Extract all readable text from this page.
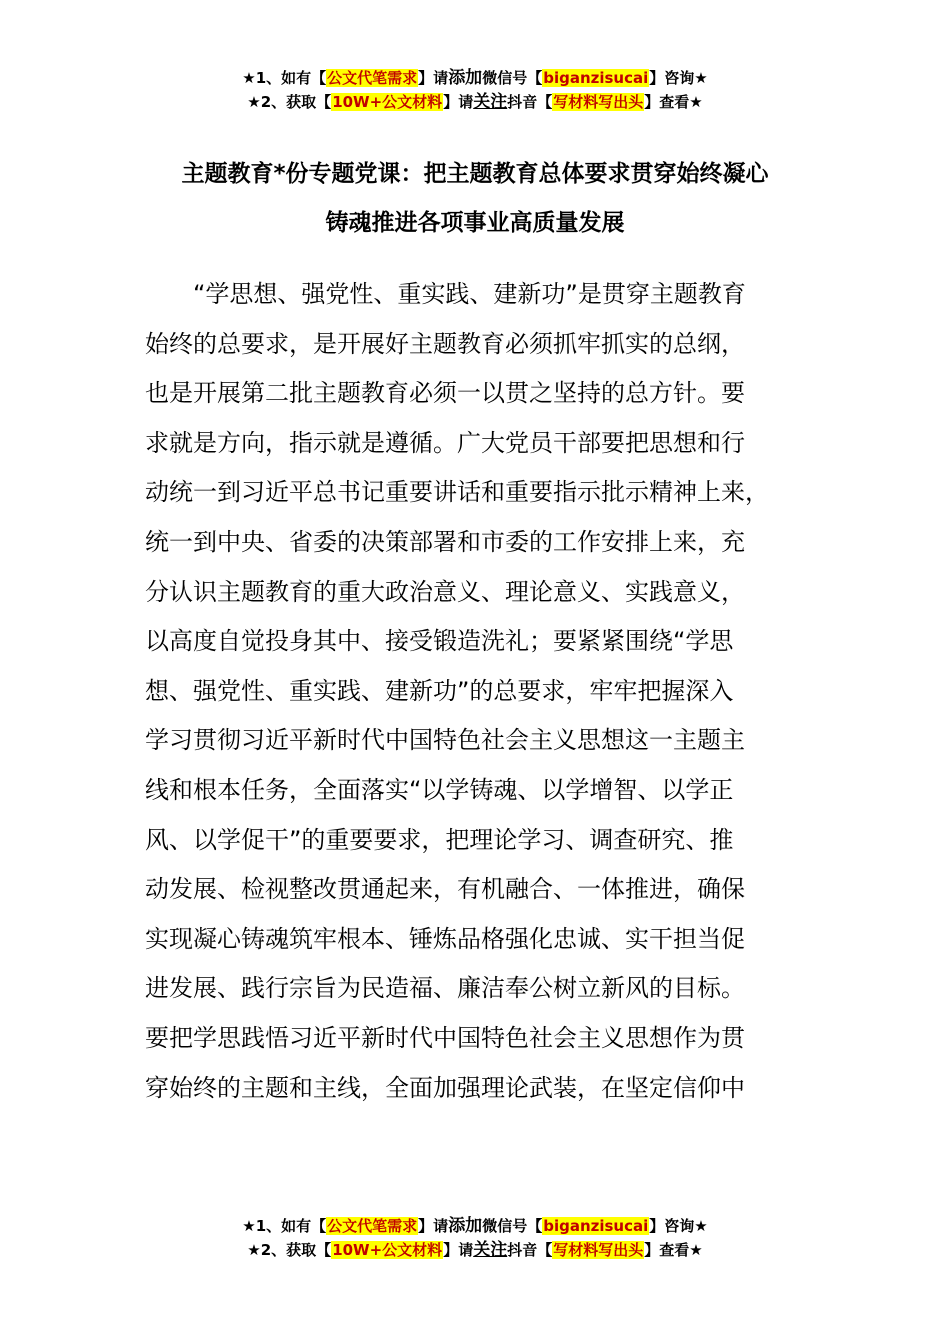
★1、如有【公文代笔需求】请添加微信号【biganzisucai】咨询★
★2、获取【10W+公文材料】请关注抖音【写材料写出头】查看★
主题教育*份专题党课：把主题教育总体要求贯穿始终凝心
铸魂推进各项事业高质量发展
　　“学思想、强党性、重实践、建新功”是贯穿主题教育
始终的总要求，是开展好主题教育必须抓牢抓实的总纲，
也是开展第二批主题教育必须一以贯之坚持的总方针。要
求就是方向，指示就是遵循。广大党员干部要把思想和行
动统一到习近平总书记重要讲话和重要指示批示精神上来，
统一到中央、省委的决策部署和市委的工作安排上来，充
分认识主题教育的重大政治意义、理论意义、实践意义，
以高度自觉投身其中、接受锻造洗礼；要紧紧围绕“学思
想、强党性、重实践、建新功”的总要求，牢牢把握深入
学习贯彻习近平新时代中国特色社会主义思想这一主题主
线和根本任务，全面落实“以学铸魂、以学增智、以学正
风、以学促干”的重要要求，把理论学习、调查研究、推
动发展、检视整改贯通起来，有机融合、一体推进，确保
实现凝心铸魂筑牢根本、锤炼品格强化忠诚、实干担当促
进发展、践行宗旨为民造福、廉洁奉公树立新风的目标。
要把学思践悟习近平新时代中国特色社会主义思想作为贯
穿始终的主题和主线，全面加强理论武装，在坚定信仰中
★1、如有【公文代笔需求】请添加微信号【biganzisucai】咨询★
★2、获取【10W+公文材料】请关注抖音【写材料写出头】查看★
